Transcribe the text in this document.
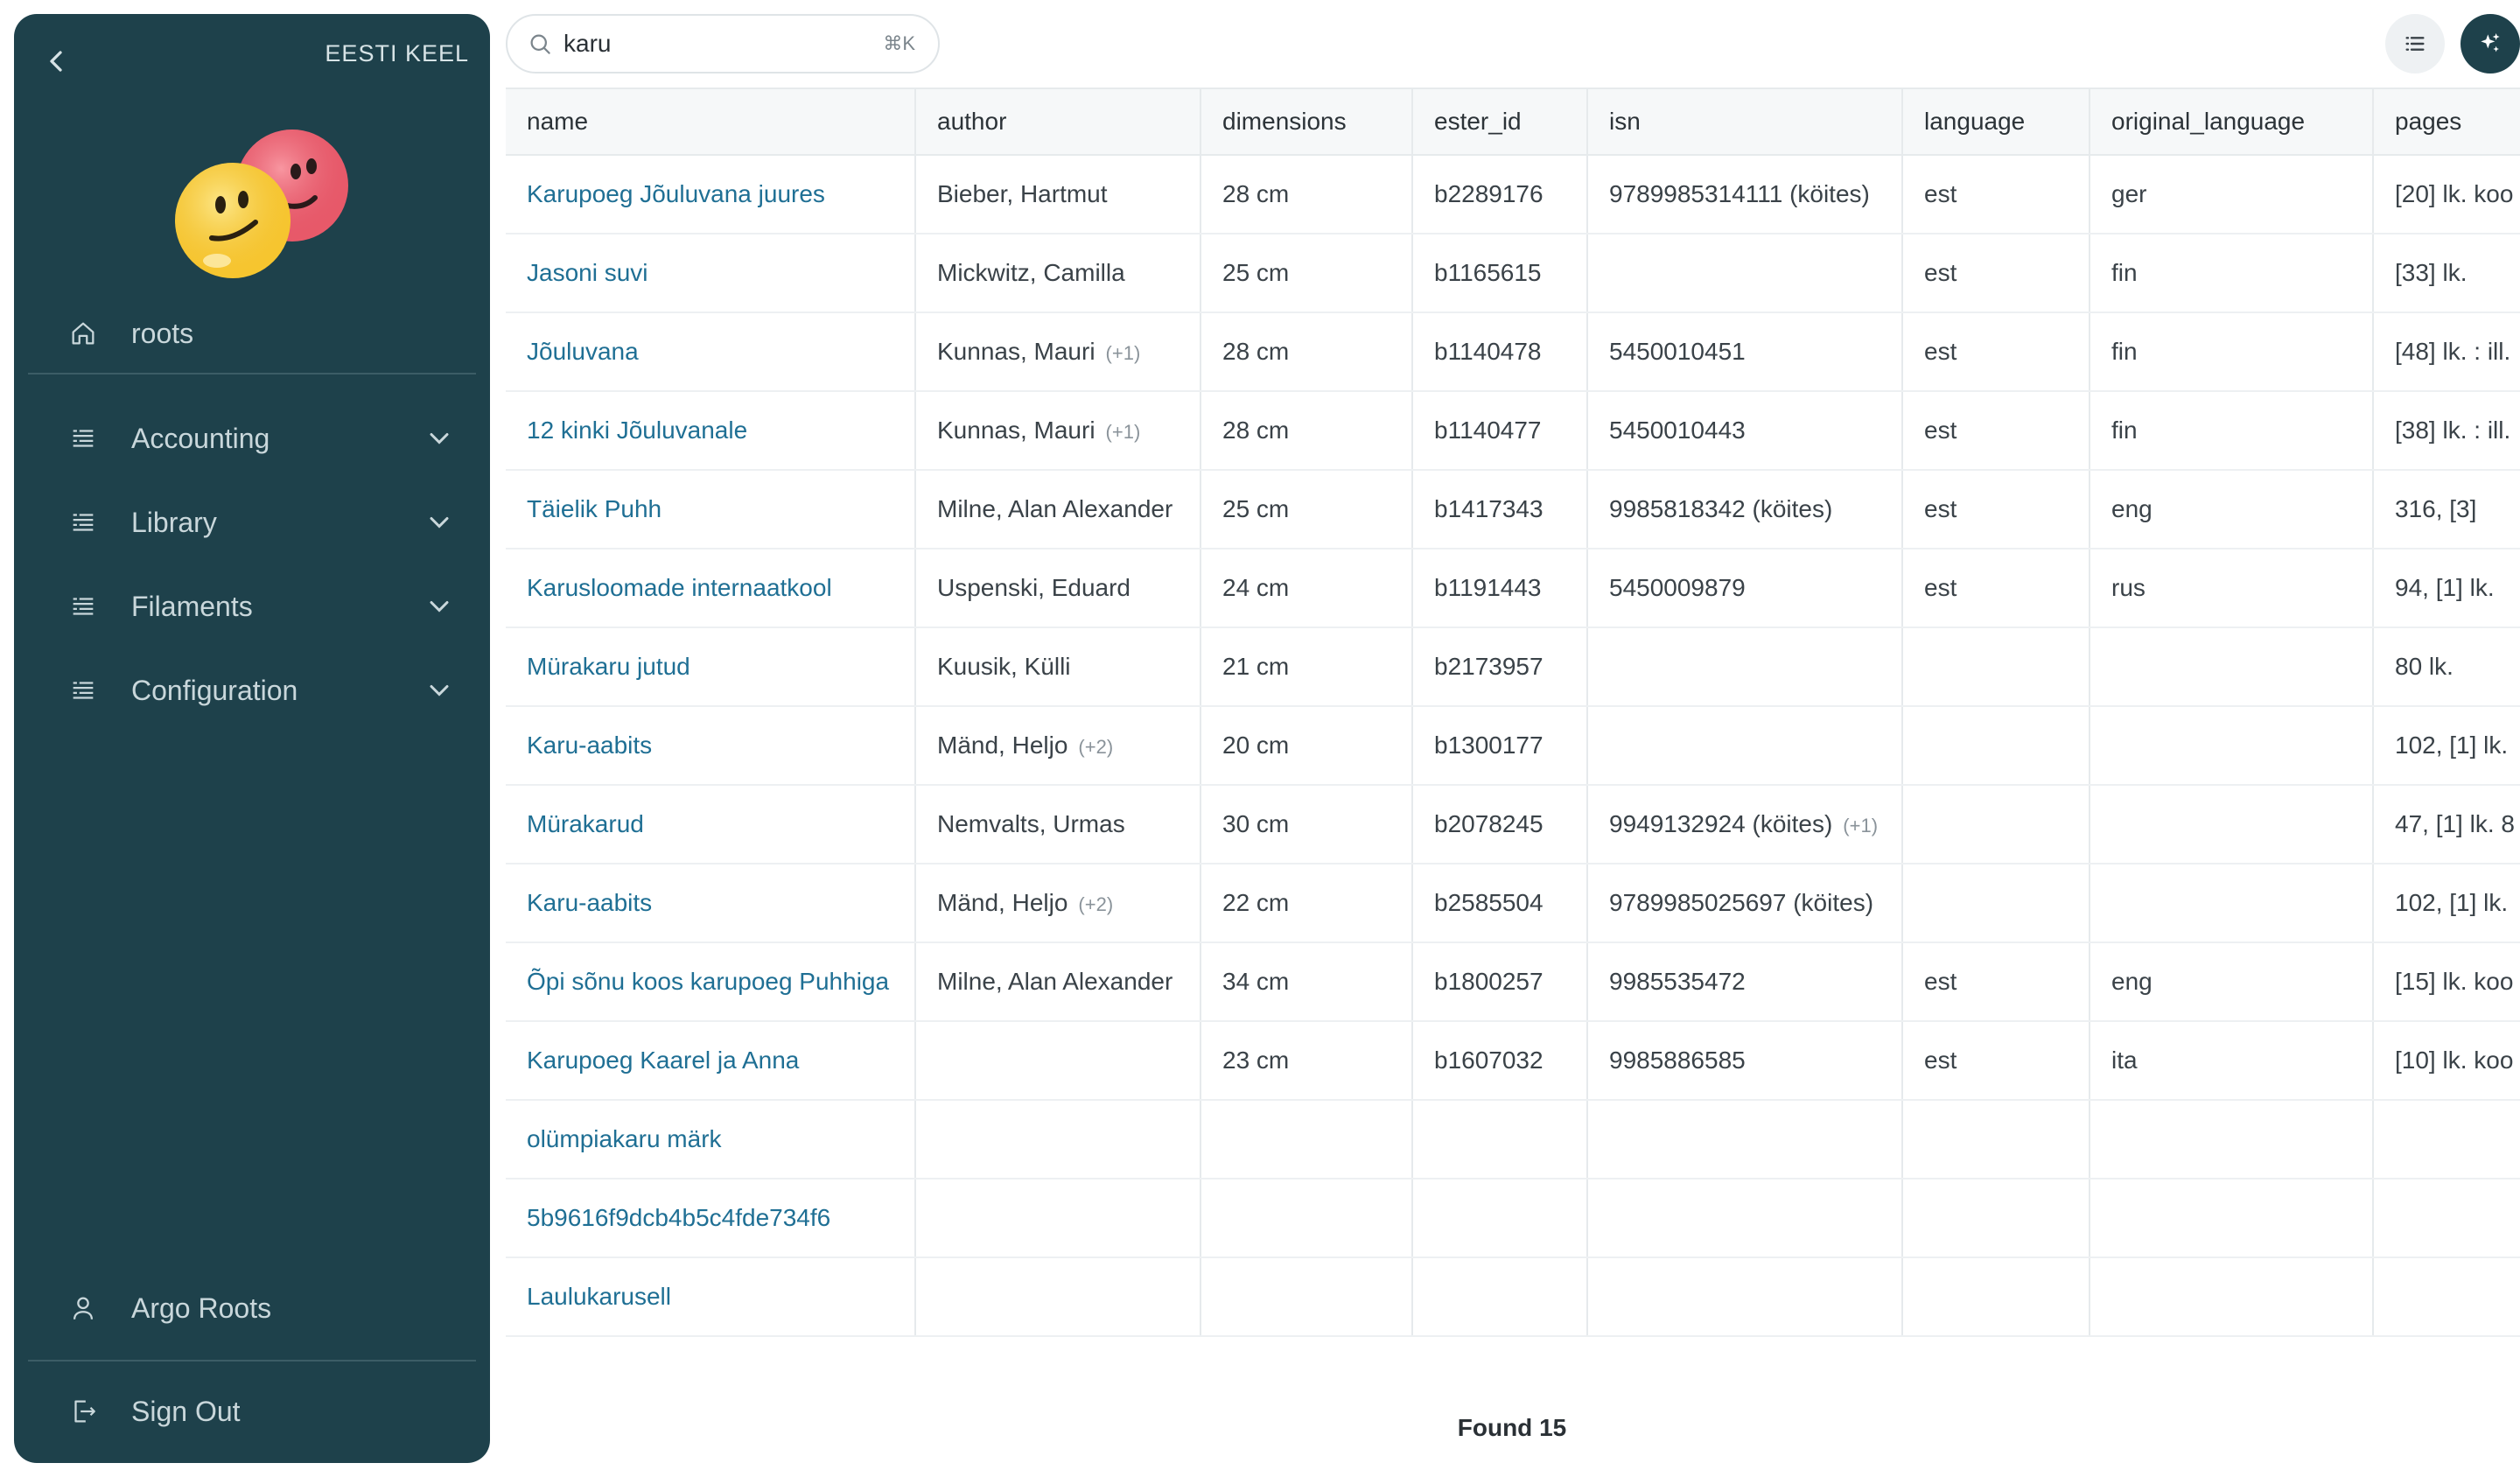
EESTI KEEL
roots
Accounting
Library
Filaments
Configuration
Argo Roots
Sign Out
karu	⌘K
name	author	dimensions	ester_id	isn	language	original_language	pages
Karupoeg Jõuluvana juures	Bieber, Hartmut	28 cm	b2289176	9789985314111 (köites)	est	ger	[20] lk. koo
Jasoni suvi	Mickwitz, Camilla	25 cm	b1165615		est	fin	[33] lk.
Jõuluvana	Kunnas, Mauri (+1)	28 cm	b1140478	5450010451	est	fin	[48] lk. : ill.
12 kinki Jõuluvanale	Kunnas, Mauri (+1)	28 cm	b1140477	5450010443	est	fin	[38] lk. : ill.
Täielik Puhh	Milne, Alan Alexander	25 cm	b1417343	9985818342 (köites)	est	eng	316, [3]
Karusloomade internaatkool	Uspenski, Eduard	24 cm	b1191443	5450009879	est	rus	94, [1] lk.
Mürakaru jutud	Kuusik, Külli	21 cm	b2173957				80 lk.
Karu-aabits	Mänd, Heljo (+2)	20 cm	b1300177				102, [1] lk.
Mürakarud	Nemvalts, Urmas	30 cm	b2078245	9949132924 (köites) (+1)			47, [1] lk. 8
Karu-aabits	Mänd, Heljo (+2)	22 cm	b2585504	9789985025697 (köites)			102, [1] lk.
Õpi sõnu koos karupoeg Puhhiga	Milne, Alan Alexander	34 cm	b1800257	9985535472	est	eng	[15] lk. koo
Karupoeg Kaarel ja Anna		23 cm	b1607032	9985886585	est	ita	[10] lk. koo
olümpiakaru märk							
5b9616f9dcb4b5c4fde734f6							
Laulukarusell							
Found 15
